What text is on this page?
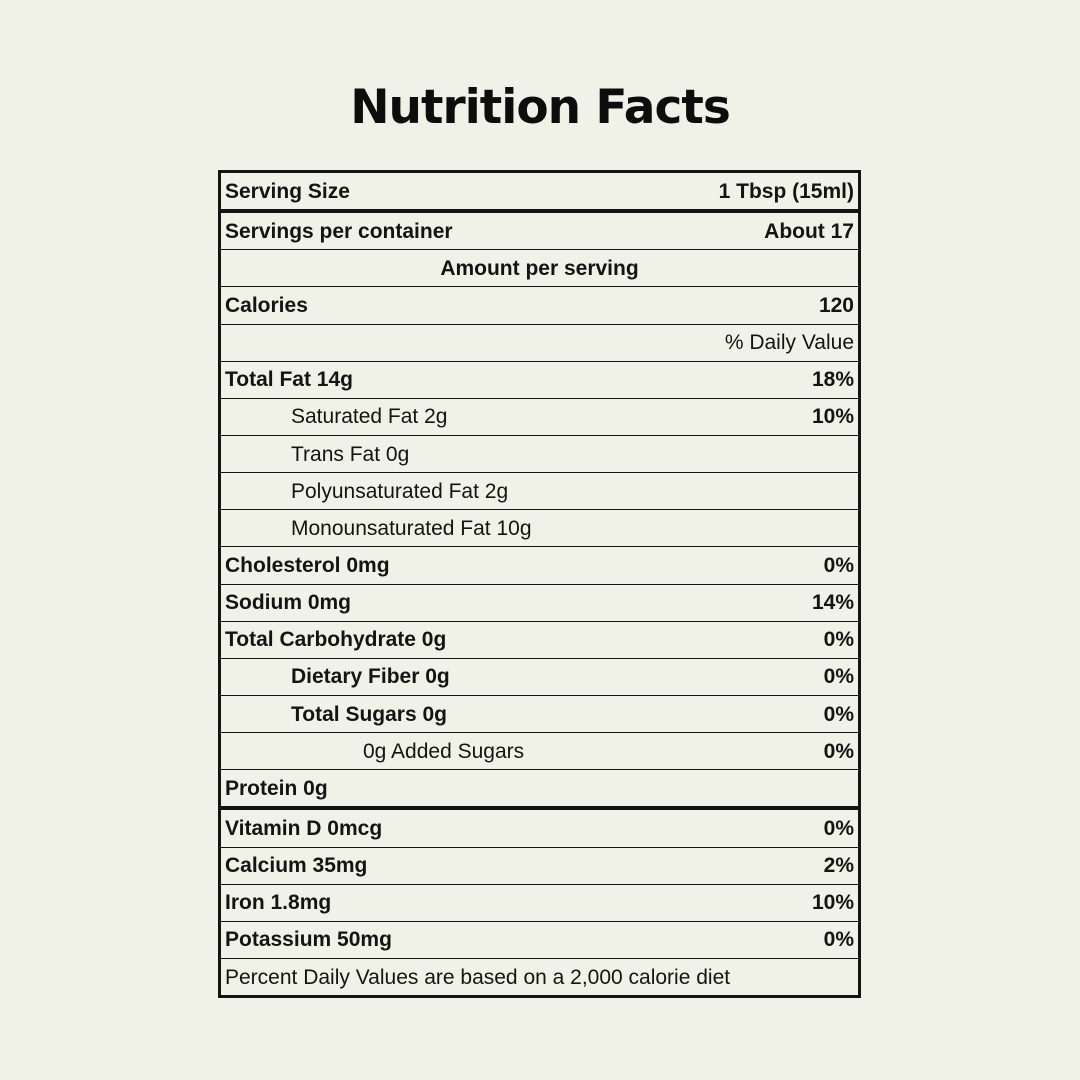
Nutrition Facts
Serving Size	1 Tbsp (15ml)
Servings per container	About 17
Amount per serving
Calories	120
% Daily Value
Total Fat 14g	18%
Saturated Fat 2g	10%
Trans Fat 0g
Polyunsaturated Fat 2g
Monounsaturated Fat 10g
Cholesterol 0mg	0%
Sodium 0mg	14%
Total Carbohydrate 0g	0%
Dietary Fiber 0g	0%
Total Sugars 0g	0%
0g Added Sugars	0%
Protein 0g
Vitamin D 0mcg	0%
Calcium 35mg	2%
Iron 1.8mg	10%
Potassium 50mg	0%
Percent Daily Values are based on a 2,000 calorie diet
